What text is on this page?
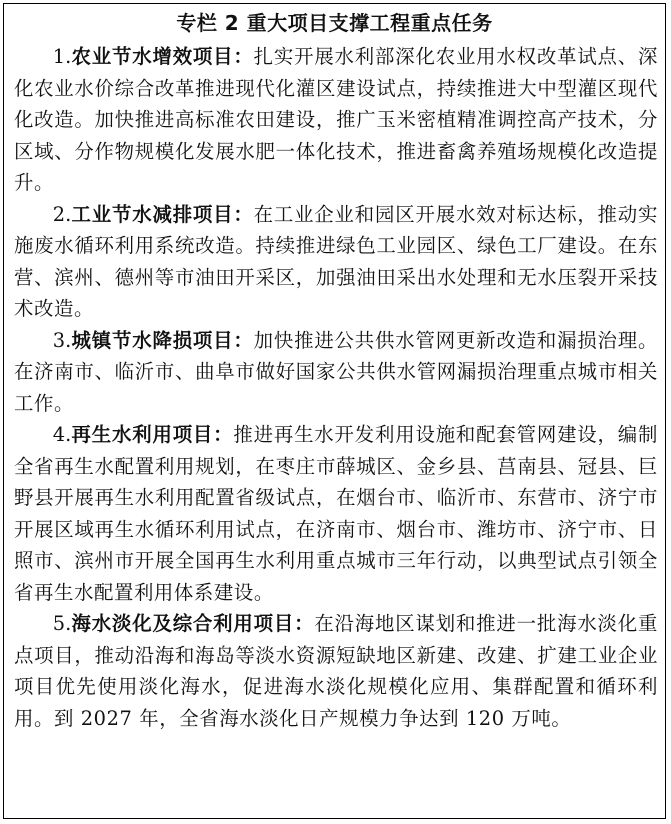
专栏 2 重大项目支撑工程重点任务

1.农业节水增效项目：扎实开展水利部深化农业用水权改革试点、深化农业水价综合改革推进现代化灌区建设试点，持续推进大中型灌区现代化改造。加快推进高标准农田建设，推广玉米密植精准调控高产技术，分区域、分作物规模化发展水肥一体化技术，推进畜禽养殖场规模化改造提升。

2.工业节水减排项目：在工业企业和园区开展水效对标达标，推动实施废水循环利用系统改造。持续推进绿色工业园区、绿色工厂建设。在东营、滨州、德州等市油田开采区，加强油田采出水处理和无水压裂开采技术改造。

3.城镇节水降损项目：加快推进公共供水管网更新改造和漏损治理。在济南市、临沂市、曲阜市做好国家公共供水管网漏损治理重点城市相关工作。

4.再生水利用项目：推进再生水开发利用设施和配套管网建设，编制全省再生水配置利用规划，在枣庄市薛城区、金乡县、莒南县、冠县、巨野县开展再生水利用配置省级试点，在烟台市、临沂市、东营市、济宁市开展区域再生水循环利用试点，在济南市、烟台市、潍坊市、济宁市、日照市、滨州市开展全国再生水利用重点城市三年行动，以典型试点引领全省再生水配置利用体系建设。

5.海水淡化及综合利用项目：在沿海地区谋划和推进一批海水淡化重点项目，推动沿海和海岛等淡水资源短缺地区新建、改建、扩建工业企业项目优先使用淡化海水，促进海水淡化规模化应用、集群配置和循环利用。到 2027 年，全省海水淡化日产规模力争达到 120 万吨。
